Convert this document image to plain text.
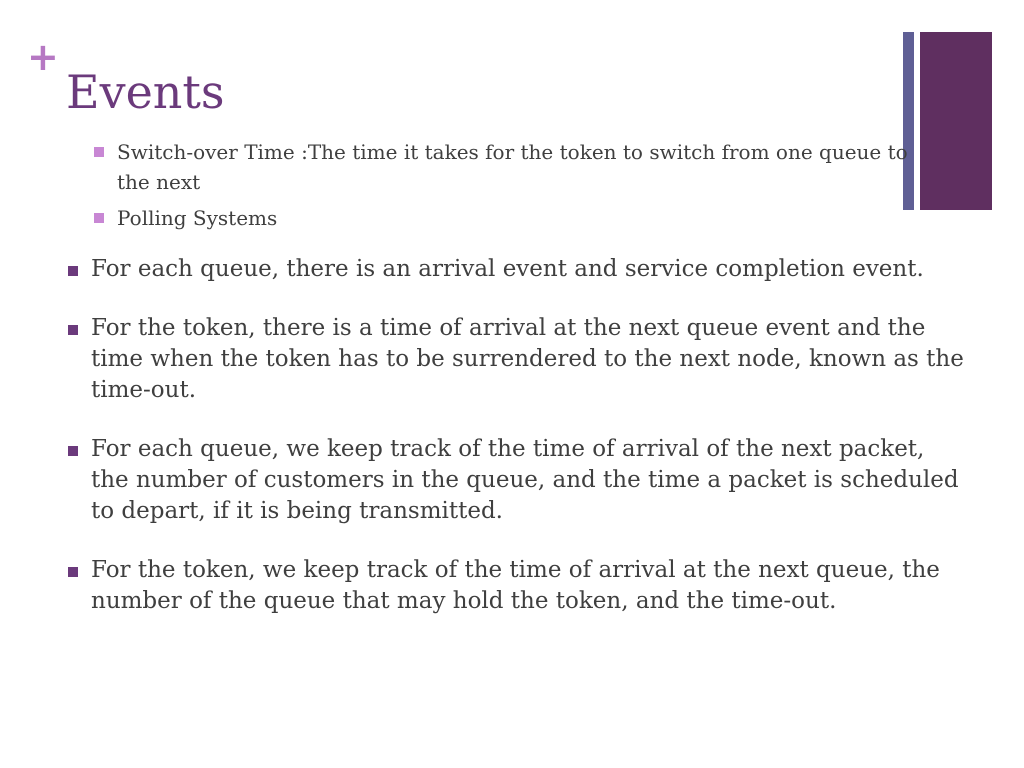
+
Events
Switch-over Time :The time it takes for the token to switch from one queue to the next
Polling Systems
For each queue, there is an arrival event and service completion event.
For the token, there is a time of arrival at the next queue event and the time when the token has to be surrendered to the next node, known as the time-out.
For each queue, we keep track of the time of arrival of the next packet, the number of customers in the queue, and the time a packet is scheduled to depart, if it is being transmitted.
For the token, we keep track of the time of arrival at the next queue, the number of the queue that may hold the token, and the time-out.
